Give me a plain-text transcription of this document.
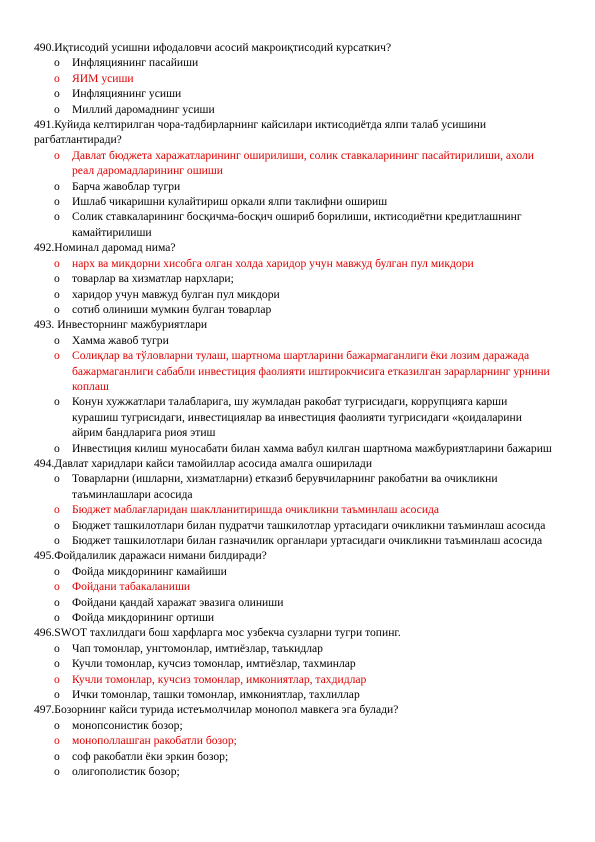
490.Иқтисодий усишни ифодаловчи асосий макроиқтисодий курсаткич?
o Инфляциянинг пасайиши
o ЯИМ усиши
o Инфляциянинг усиши
o Миллий даромаднинг усиши
491.Куйида келтирилган чора-тадбирларнинг кайсилари иктисодиётда ялпи талаб усишини рагбатлантиради?
o Давлат бюджета харажатларининг оширилиши, солик ставкаларининг пасайтирилиши, ахоли реал даромадларининг ошиши
o Барча жавоблар тугри
o Ишлаб чикаришни кулайтириш оркали ялпи таклифни ошириш
o Солик ставкаларининг босқичма-босқич ошириб борилиши, иктисодиётни кредитлашнинг камайтирилиши
492.Номинал даромад нима?
o нарх ва микдорни хисобга олган холда харидор учун мавжуд булган пул микдори
o товарлар ва хизматлар нархлари;
o харидор учун мавжуд булган пул микдори
o сотиб олиниши мумкин булган товарлар
493. Инвесторнинг мажбуриятлари
o Хамма жавоб тугри
o Солиқлар ва тўловларни тулаш, шартнома шартларини бажармаганлиги ёки лозим даражада бажармаганлиги сабабли инвестиция фаолияти иштирокчисига етказилган зарарларнинг урнини коплаш
o Конун хужжатлари талабларига, шу жумладан ракобат тугрисидаги, коррупцияга карши курашиш тугрисидаги, инвестициялар ва инвестиция фаолияти тугрисидаги «қоидаларини айрим бандларига риоя этиш
o Инвестиция килиш муносабати билан хамма вабул килган шартнома мажбуриятларини бажариш
494.Давлат харидлари кайси тамойиллар асосида амалга оширилади
o Товарларни (ишларни, хизматларни) етказиб берувчиларнинг ракобатни ва очикликни таъминлашлари асосида
o Бюджет маблағларидан шаклланитиришда очикликни таъминлаш асосида
o Бюджет ташкилотлари билан пудратчи ташкилотлар уртасидаги очикликни таъминлаш асосида
o Бюджет ташкилотлари билан газначилик органлари уртасидаги очикликни таъминлаш асосида
495.Фойдалилик даражаси нимани билдиради?
o Фойда микдорининг камайиши
o Фойдани табакаланиши
o Фойдани қандай харажат эвазига олиниши
o Фойда микдорининг ортиши
496.SWOT тахлилдаги бош харфларга мос узбекча сузларни тугри топинг.
o Чап томонлар, унгтомонлар, имтиёзлар, таъкидлар
o Кучли томонлар, кучсиз томонлар, имтиёзлар, тахминлар
o Кучли томонлар, кучсиз томонлар, имкониятлар, тахдидлар
o Ички томонлар, ташки томонлар, имкониятлар, тахлиллар
497.Бозорнинг кайси турида истеъмолчилар монопол мавкега эга булади?
o монопсонистик бозор;
o монополлашган ракобатли бозор;
o соф ракобатли ёки эркин бозор;
o олигополистик бозор;
